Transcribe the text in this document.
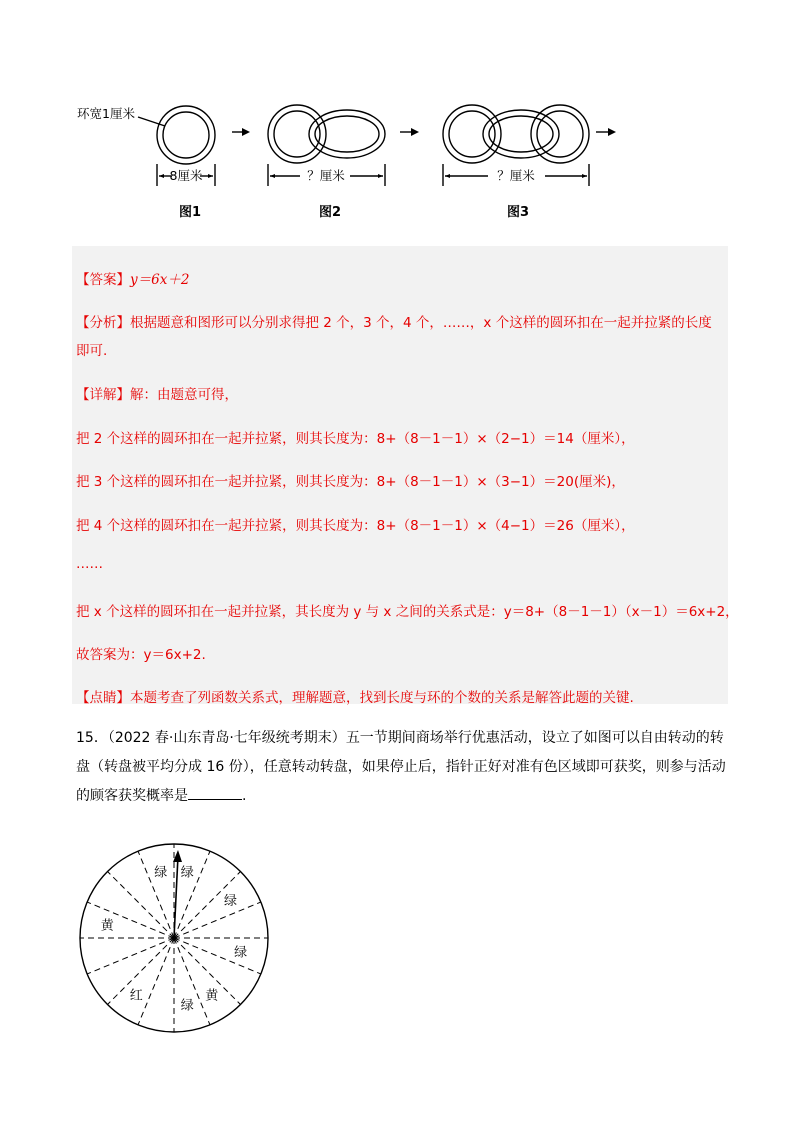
环宽1厘米
8厘米	？厘米	？厘米
图1	图2	图3
【答案】y＝6x＋2
【分析】根据题意和图形可以分别求得把 2 个，3 个，4 个，……，x 个这样的圆环扣在一起并拉紧的长度
即可.
【详解】解：由题意可得，
把 2 个这样的圆环扣在一起并拉紧，则其长度为：8+（8－1－1）×（2−1）＝14（厘米），
把 3 个这样的圆环扣在一起并拉紧，则其长度为：8+（8－1－1）×（3−1）＝20(厘米)，
把 4 个这样的圆环扣在一起并拉紧，则其长度为：8+（8－1－1）×（4−1）＝26（厘米），
……
把 x 个这样的圆环扣在一起并拉紧，其长度为 y 与 x 之间的关系式是：y＝8+（8－1－1）（x－1）＝6x+2，
故答案为：y＝6x+2.
【点睛】本题考查了列函数关系式，理解题意，找到长度与环的个数的关系是解答此题的关键.
15．（2022 春·山东青岛·七年级统考期末）五一节期间商场举行优惠活动，设立了如图可以自由转动的转盘（转盘被平均分成 16 份），任意转动转盘，如果停止后，指针正好对准有色区域即可获奖，则参与活动的顾客获奖概率是	.
绿 绿
绿
绿
黄
绿
红
黄
